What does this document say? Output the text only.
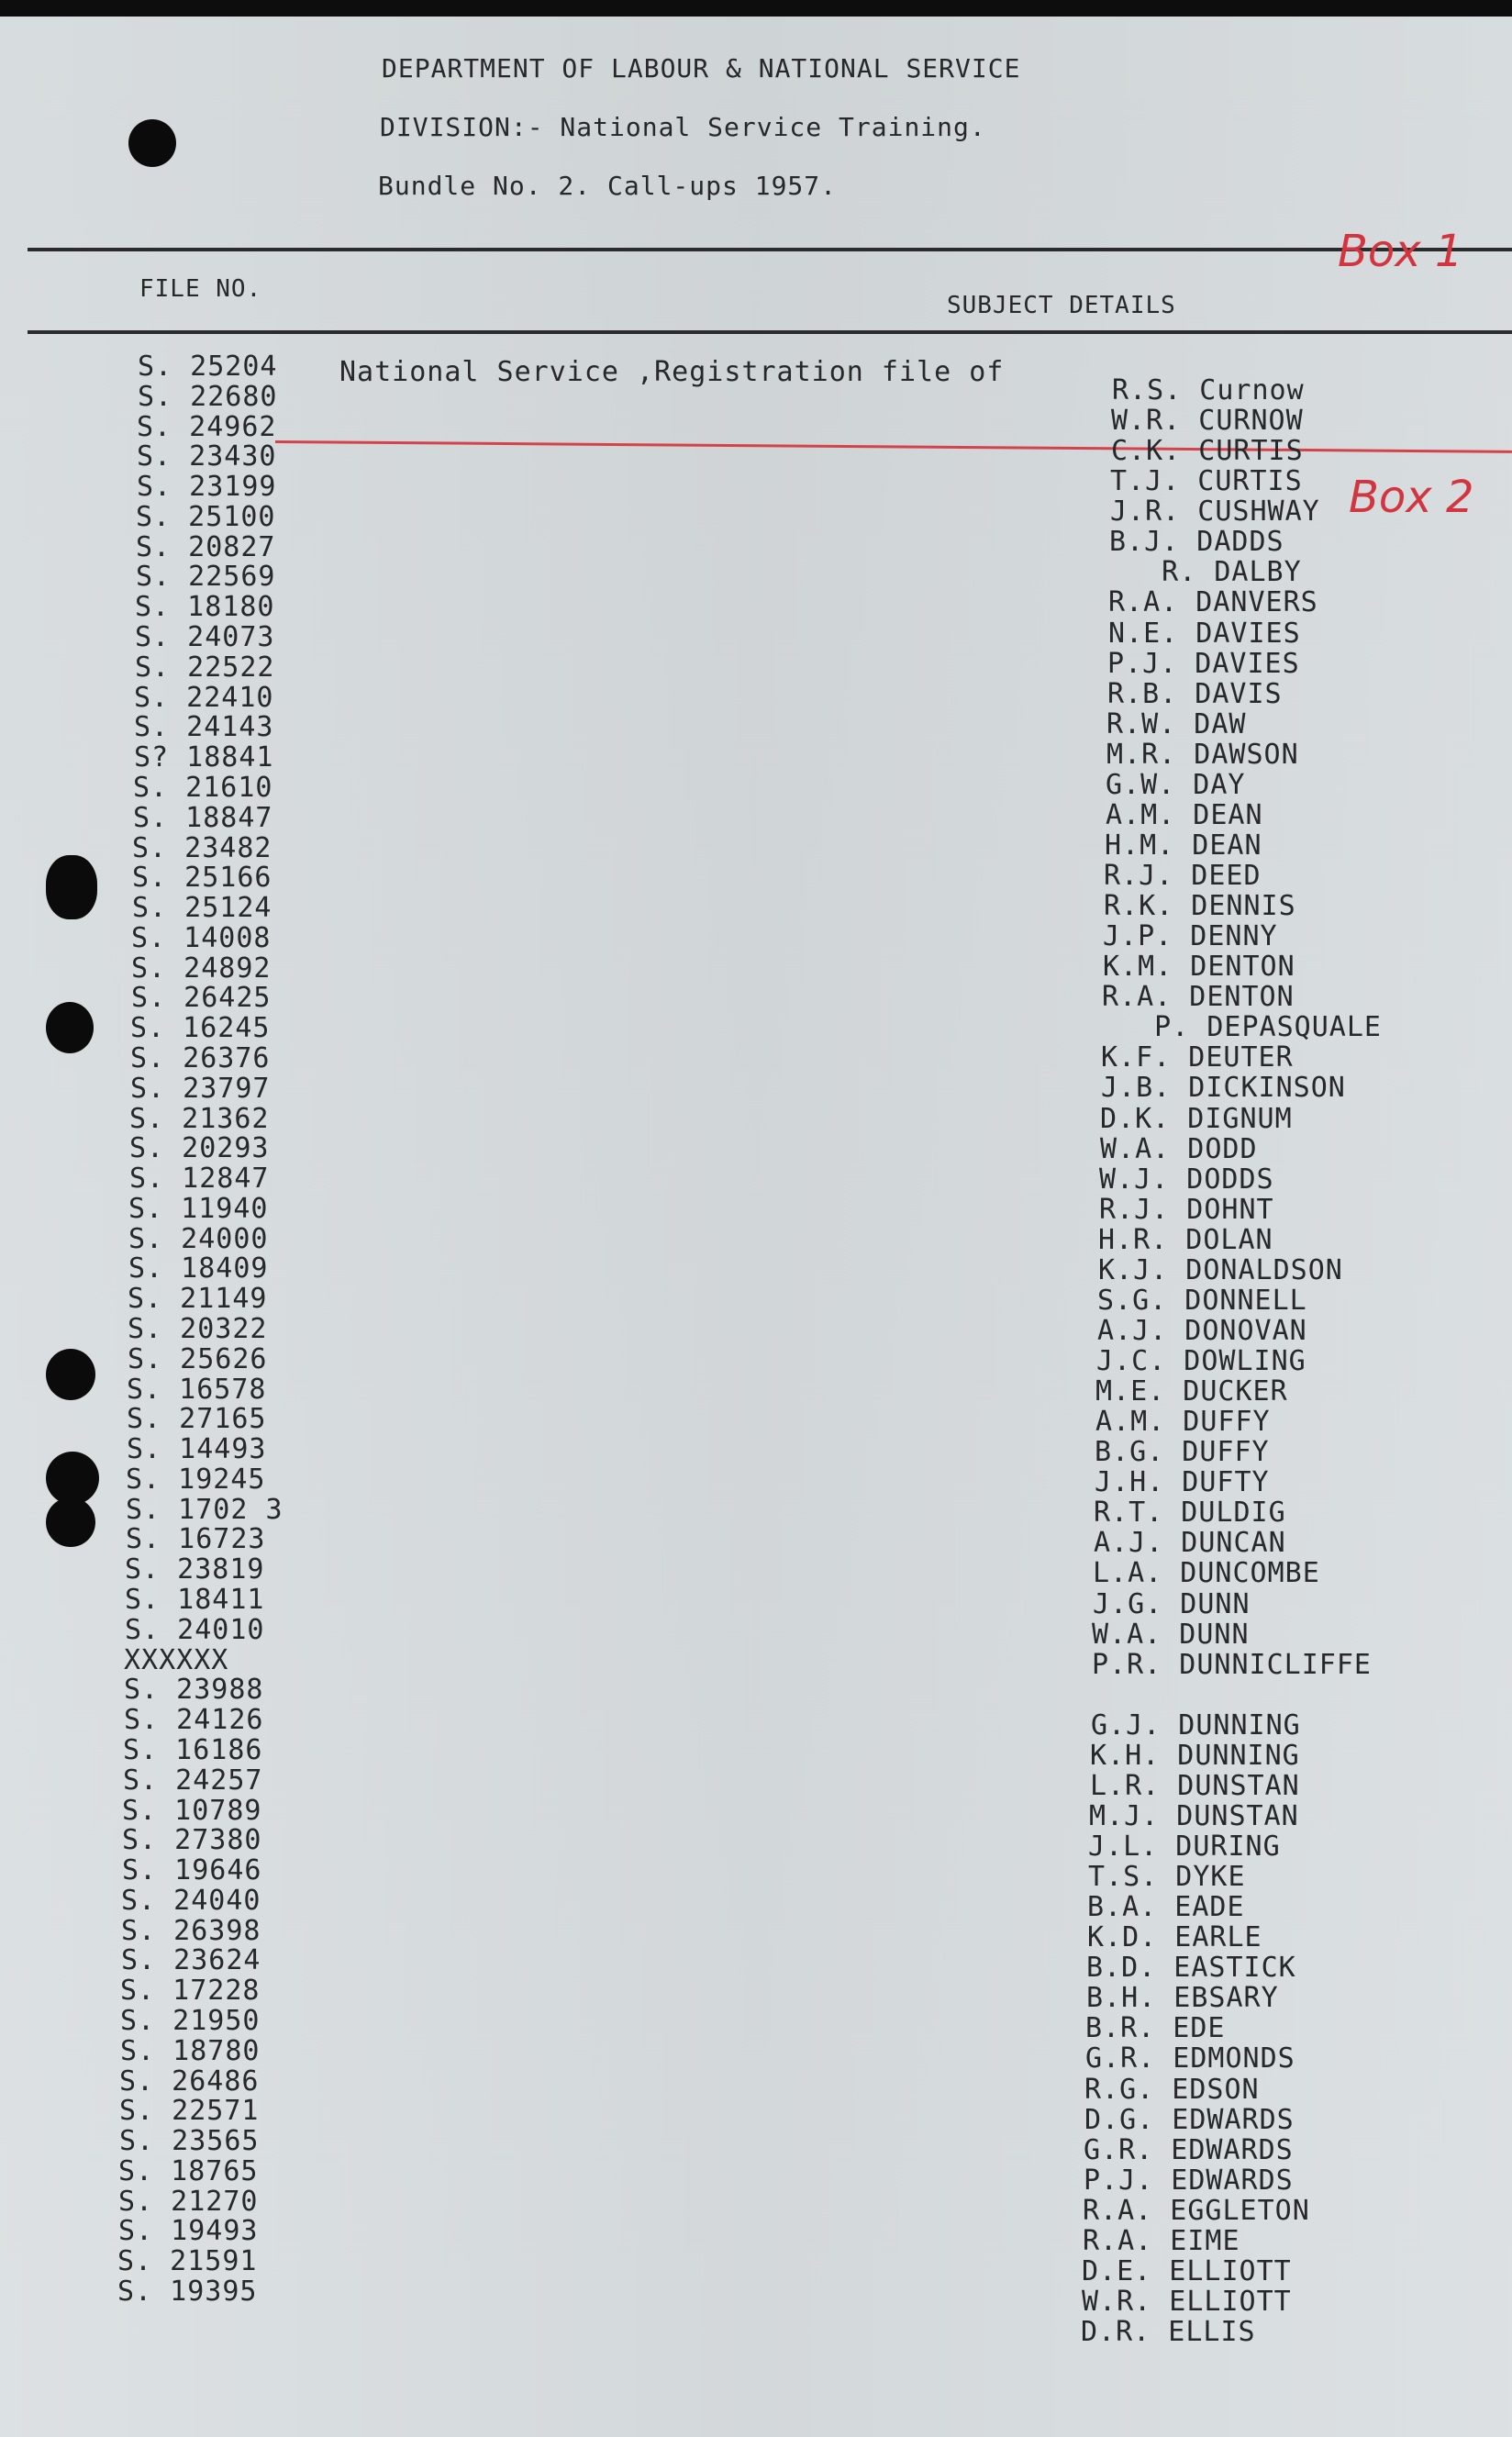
DEPARTMENT OF LABOUR & NATIONAL SERVICE
DIVISION:- National Service Training.
Bundle No. 2. Call-ups 1957.
FILE NO.
SUBJECT DETAILS
National Service ,Registration file of
Box 1
Box 2
S. 25204
R.S. Curnow
S. 22680
W.R. CURNOW
S. 24962
C.K. CURTIS
S. 23430
T.J. CURTIS
S. 23199
J.R. CUSHWAY
S. 25100
B.J. DADDS
S. 20827
R. DALBY
S. 22569
R.A. DANVERS
S. 18180
N.E. DAVIES
S. 24073
P.J. DAVIES
S. 22522
R.B. DAVIS
S. 22410
R.W. DAW
S. 24143
M.R. DAWSON
S? 18841
G.W. DAY
S. 21610
A.M. DEAN
S. 18847
H.M. DEAN
S. 23482
R.J. DEED
S. 25166
R.K. DENNIS
S. 25124
J.P. DENNY
S. 14008
K.M. DENTON
S. 24892
R.A. DENTON
S. 26425
P. DEPASQUALE
S. 16245
K.F. DEUTER
S. 26376
J.B. DICKINSON
S. 23797
D.K. DIGNUM
S. 21362
W.A. DODD
S. 20293
W.J. DODDS
S. 12847
R.J. DOHNT
S. 11940
H.R. DOLAN
S. 24000
K.J. DONALDSON
S. 18409
S.G. DONNELL
S. 21149
A.J. DONOVAN
S. 20322
J.C. DOWLING
S. 25626
M.E. DUCKER
S. 16578
A.M. DUFFY
S. 27165
B.G. DUFFY
S. 14493
J.H. DUFTY
S. 19245
R.T. DULDIG
S. 1702 3
A.J. DUNCAN
S. 16723
L.A. DUNCOMBE
S. 23819
J.G. DUNN
S. 18411
W.A. DUNN
S. 24010
P.R. DUNNICLIFFE
XXXXXX
S. 23988
G.J. DUNNING
S. 24126
K.H. DUNNING
S. 16186
L.R. DUNSTAN
S. 24257
M.J. DUNSTAN
S. 10789
J.L. DURING
S. 27380
T.S. DYKE
S. 19646
B.A. EADE
S. 24040
K.D. EARLE
S. 26398
B.D. EASTICK
S. 23624
B.H. EBSARY
S. 17228
B.R. EDE
S. 21950
G.R. EDMONDS
S. 18780
R.G. EDSON
S. 26486
D.G. EDWARDS
S. 22571
G.R. EDWARDS
S. 23565
P.J. EDWARDS
S. 18765
R.A. EGGLETON
S. 21270
R.A. EIME
S. 19493
D.E. ELLIOTT
S. 21591
W.R. ELLIOTT
S. 19395
D.R. ELLIS
